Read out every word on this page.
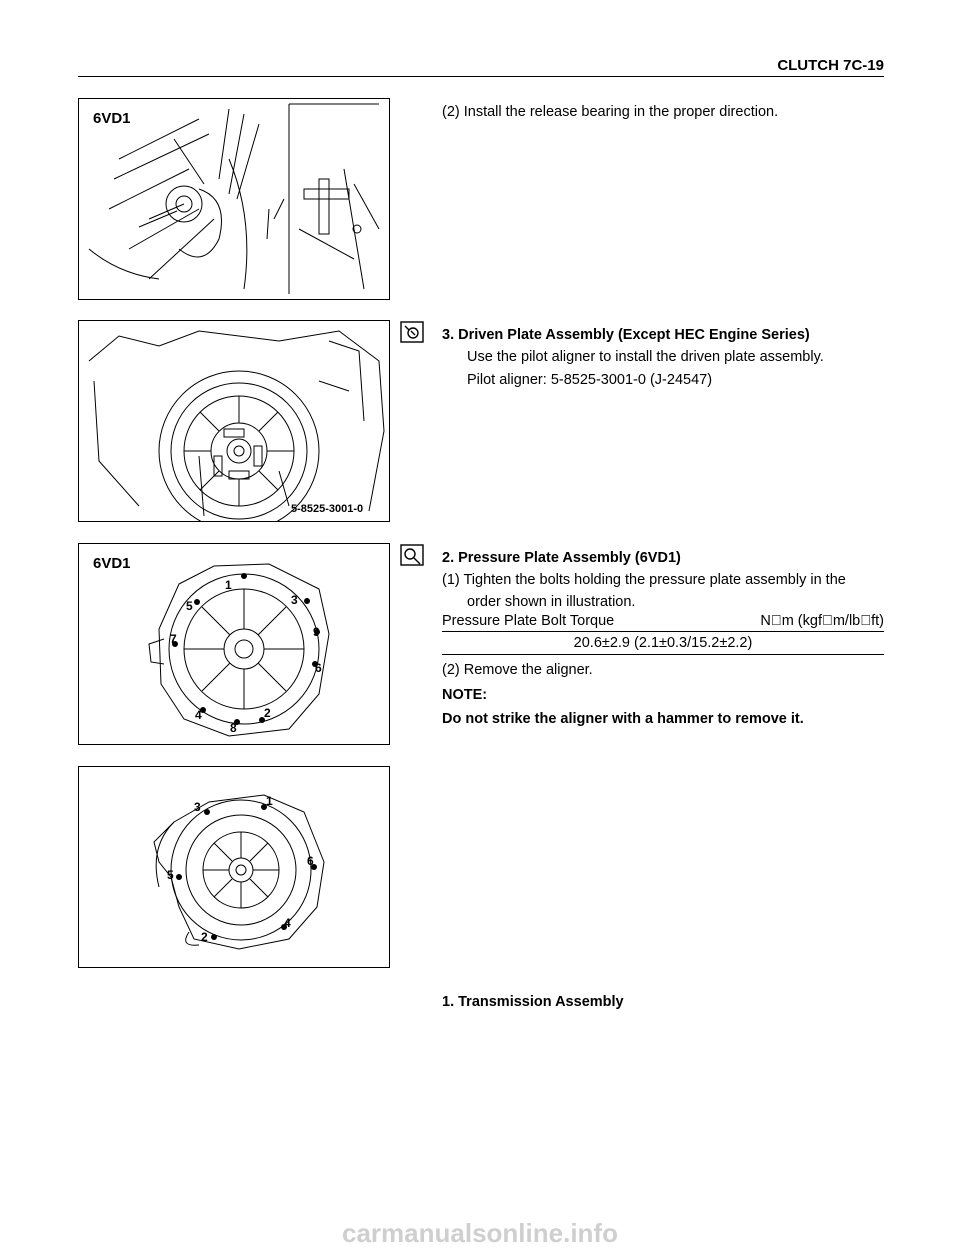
CLUTCH 7C-19
6VD1	(2) Install the release bearing in the proper direction.
5-8525-3001-0
3. Driven Plate Assembly (Except HEC Engine Series)
Use the pilot aligner to install the driven plate assembly.
Pilot aligner: 5-8525-3001-0 (J-24547)
6VD1
1
2
3
4
5
6
7
8
9
2. Pressure Plate Assembly (6VD1)
(1) Tighten the bolts holding the pressure plate assembly in the
order shown in illustration.
Pressure Plate Bolt Torque	N m (kgf m/lb ft)
20.6±2.9 (2.1±0.3/15.2±2.2)
(2) Remove the aligner.
NOTE:
Do not strike the aligner with a hammer to remove it.
1
2
3
4
5
6
1. Transmission Assembly
carmanualsonline.info
